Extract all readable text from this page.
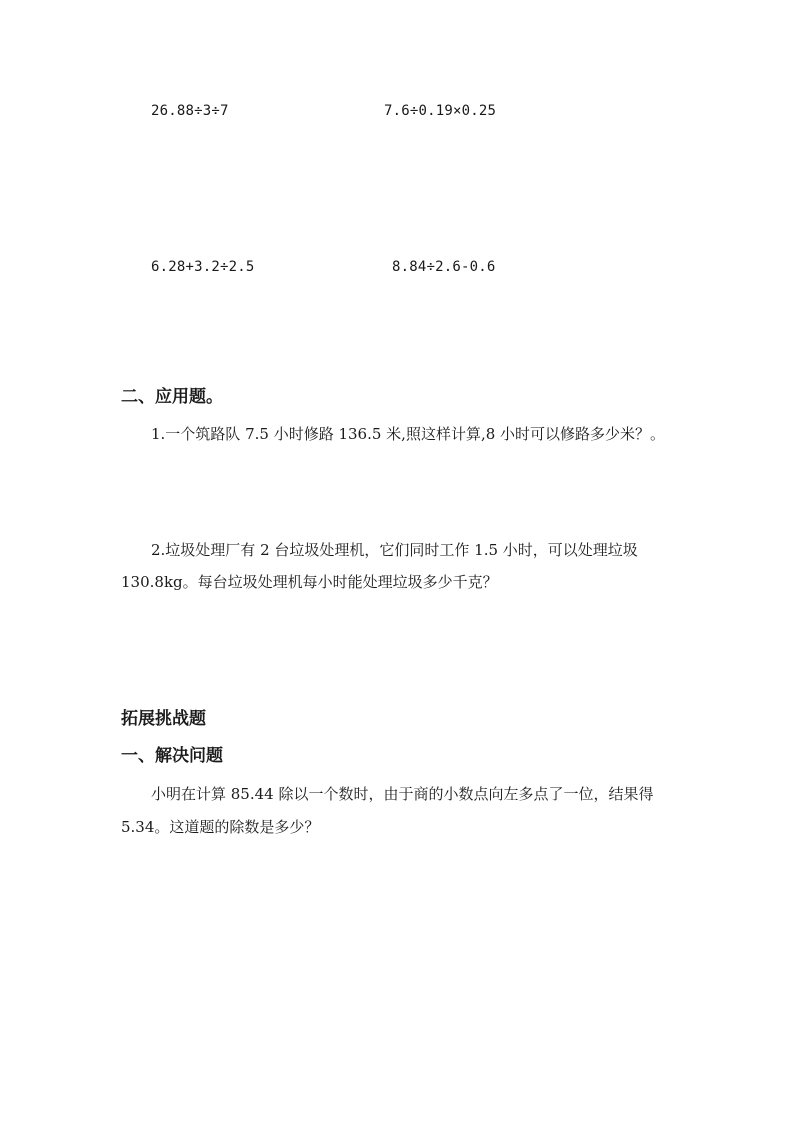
26.88÷3÷7	7.6÷0.19×0.25
6.28+3.2÷2.5	8.84÷2.6-0.6
二、应用题。
1.一个筑路队 7.5 小时修路 136.5 米,照这样计算,8 小时可以修路多少米？。
2.垃圾处理厂有 2 台垃圾处理机，它们同时工作 1.5 小时，可以处理垃圾
130.8kg。每台垃圾处理机每小时能处理垃圾多少千克？
拓展挑战题
一、解决问题
小明在计算 85.44 除以一个数时，由于商的小数点向左多点了一位，结果得
5.34。这道题的除数是多少？
